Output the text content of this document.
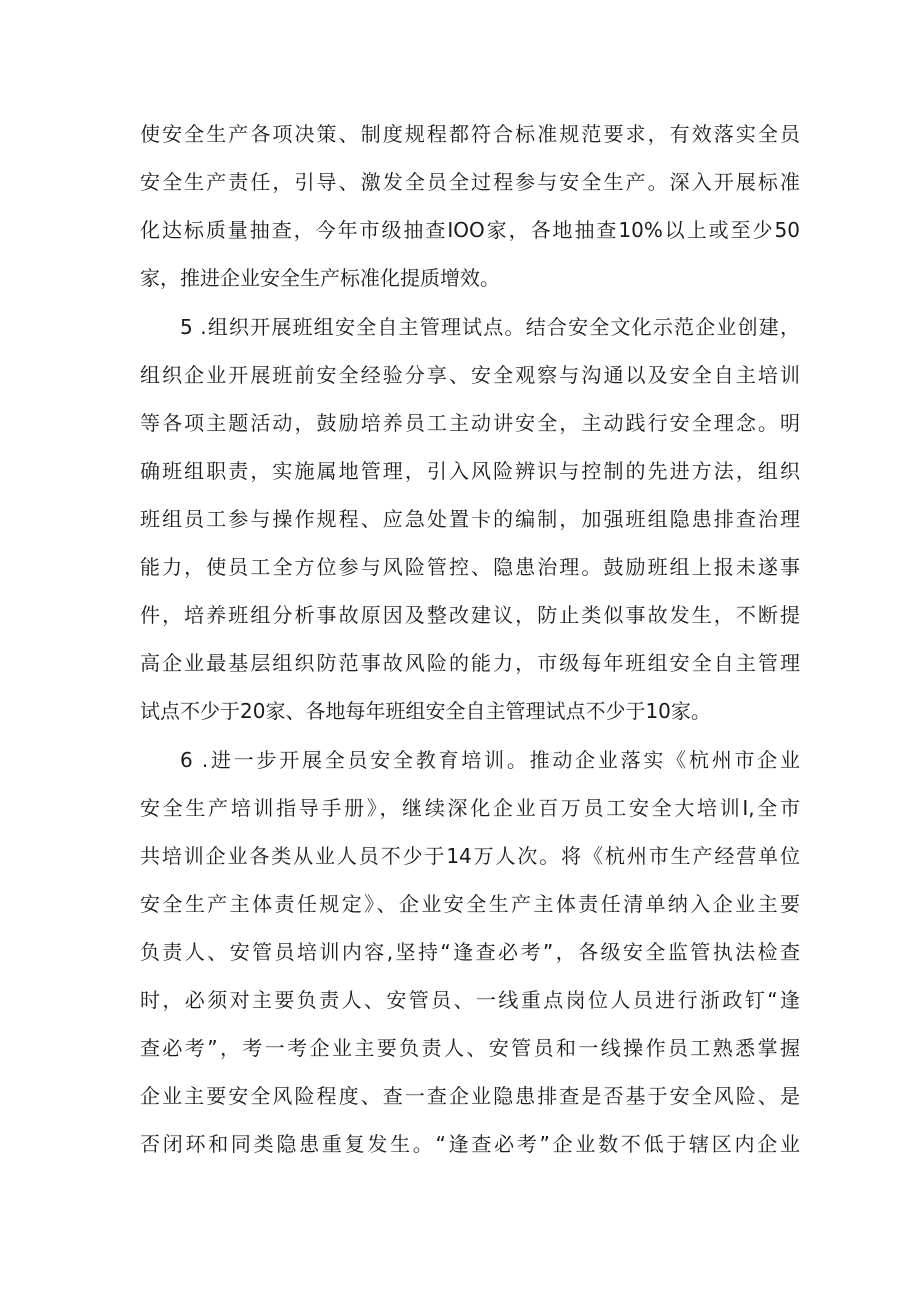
使安全生产各项决策、制度规程都符合标准规范要求，有效落实全员
安全生产责任，引导、激发全员全过程参与安全生产。深入开展标准
化达标质量抽查，今年市级抽查IOO家，各地抽查10%以上或至少50
家，推进企业安全生产标准化提质增效。
5 .组织开展班组安全自主管理试点。结合安全文化示范企业创建，
组织企业开展班前安全经验分享、安全观察与沟通以及安全自主培训
等各项主题活动，鼓励培养员工主动讲安全，主动践行安全理念。明
确班组职责，实施属地管理，引入风险辨识与控制的先进方法，组织
班组员工参与操作规程、应急处置卡的编制，加强班组隐患排查治理
能力，使员工全方位参与风险管控、隐患治理。鼓励班组上报未遂事
件，培养班组分析事故原因及整改建议，防止类似事故发生，不断提
高企业最基层组织防范事故风险的能力，市级每年班组安全自主管理
试点不少于20家、各地每年班组安全自主管理试点不少于10家。
6 .进一步开展全员安全教育培训。推动企业落实《杭州市企业
安全生产培训指导手册》，继续深化企业百万员工安全大培训I,全市
共培训企业各类从业人员不少于14万人次。将《杭州市生产经营单位
安全生产主体责任规定》、企业安全生产主体责任清单纳入企业主要
负责人、安管员培训内容,坚持“逢查必考”，各级安全监管执法检查
时，必须对主要负责人、安管员、一线重点岗位人员进行浙政钉“逢
查必考”，考一考企业主要负责人、安管员和一线操作员工熟悉掌握
企业主要安全风险程度、查一查企业隐患排查是否基于安全风险、是
否闭环和同类隐患重复发生。“逢查必考”企业数不低于辖区内企业
